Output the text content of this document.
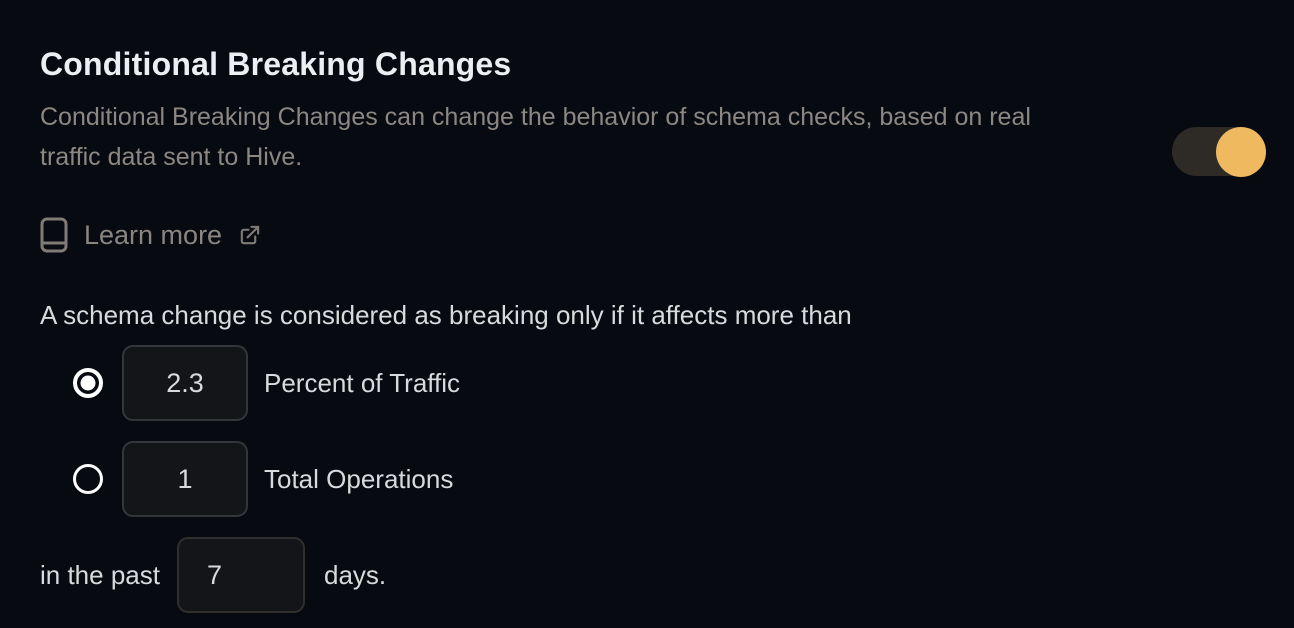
Conditional Breaking Changes
Conditional Breaking Changes can change the behavior of schema checks, based on real
traffic data sent to Hive.
Learn more
A schema change is considered as breaking only if it affects more than
2.3
Percent of Traffic
1
Total Operations
in the past
7	days.
